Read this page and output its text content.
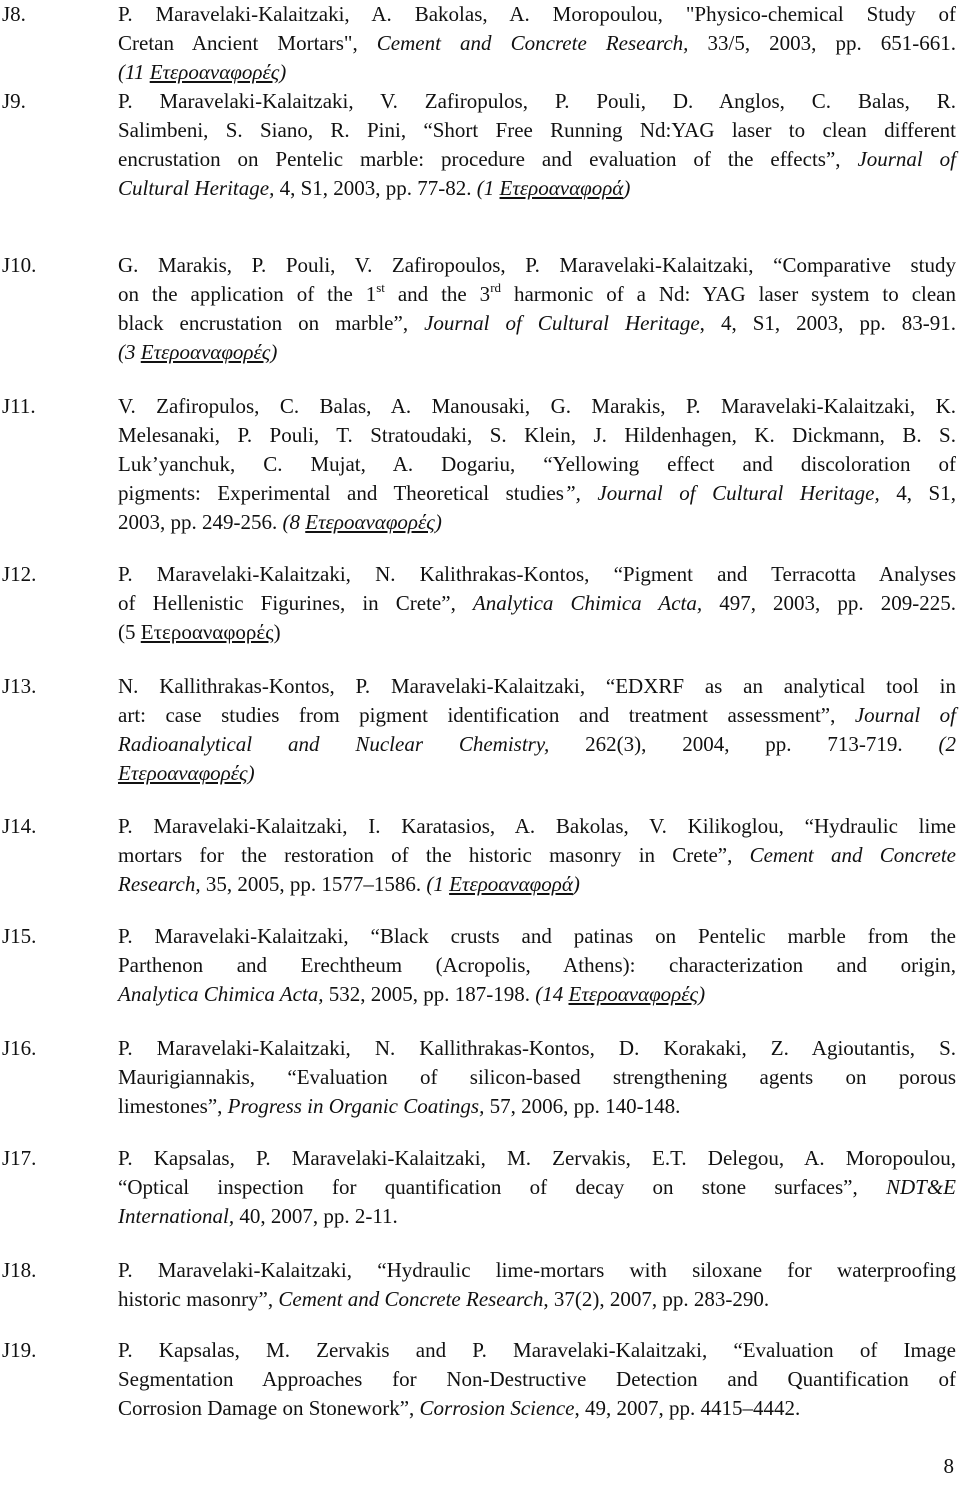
J8.	P. Maravelaki-Kalaitzaki, A. Bakolas, A. Moropoulou, "Physico-chemical Study of
Cretan Ancient Mortars", Cement and Concrete Research, 33/5, 2003, pp. 651-661.
(11 Ετεροαναφορές)
J9.	P. Maravelaki-Kalaitzaki, V. Zafiropulos, P. Pouli, D. Anglos, C. Balas, R.
Salimbeni, S. Siano, R. Pini, “Short Free Running Nd:YAG laser to clean different
encrustation on Pentelic marble: procedure and evaluation of the effects”, Journal of
Cultural Heritage, 4, S1, 2003, pp. 77-82. (1 Ετεροαναφορά)
J10.	G. Marakis, P. Pouli, V. Zafiropoulos, P. Maravelaki-Kalaitzaki, “Comparative study
on the application of the 1st and the 3rd harmonic of a Nd: YAG laser system to clean
black encrustation on marble”, Journal of Cultural Heritage, 4, S1, 2003, pp. 83-91.
(3 Ετεροαναφορές)
J11.	V. Zafiropulos, C. Balas, A. Manousaki, G. Marakis, P. Maravelaki-Kalaitzaki, K.
Melesanaki, P. Pouli, T. Stratoudaki, S. Klein, J. Hildenhagen, K. Dickmann, B. S.
Luk’yanchuk, C. Mujat, A. Dogariu, “Yellowing effect and discoloration of
pigments: Experimental and Theoretical studies”, Journal of Cultural Heritage, 4, S1,
2003, pp. 249-256. (8 Ετεροαναφορές)
J12.	P. Maravelaki-Kalaitzaki, N. Kalithrakas-Kontos, “Pigment and Terracotta Analyses
of Hellenistic Figurines, in Crete”, Analytica Chimica Acta, 497, 2003, pp. 209-225.
(5 Ετεροαναφορές)
J13.	N. Kallithrakas-Kontos, P. Maravelaki-Kalaitzaki, “EDXRF as an analytical tool in
art: case studies from pigment identification and treatment assessment”, Journal of
Radioanalytical and Nuclear Chemistry, 262(3), 2004, pp. 713-719. (2
Ετεροαναφορές)
J14.	P. Maravelaki-Kalaitzaki, I. Karatasios, A. Bakolas, V. Kilikoglou, “Hydraulic lime
mortars for the restoration of the historic masonry in Crete”, Cement and Concrete
Research, 35, 2005, pp. 1577–1586. (1 Ετεροαναφορά)
J15.	P. Maravelaki-Kalaitzaki, “Black crusts and patinas on Pentelic marble from the
Parthenon and Erechtheum (Acropolis, Athens): characterization and origin,
Analytica Chimica Acta, 532, 2005, pp. 187-198. (14 Ετεροαναφορές)
J16.	P. Maravelaki-Kalaitzaki, N. Kallithrakas-Kontos, D. Korakaki, Z. Agioutantis, S.
Maurigiannakis, “Evaluation of silicon-based strengthening agents on porous
limestones”, Progress in Organic Coatings, 57, 2006, pp. 140-148.
J17.	P. Kapsalas, P. Maravelaki-Kalaitzaki, M. Zervakis, E.T. Delegou, A. Moropoulou,
“Optical inspection for quantification of decay on stone surfaces”, NDT&E
International, 40, 2007, pp. 2-11.
J18.	P. Maravelaki-Kalaitzaki, “Hydraulic lime-mortars with siloxane for waterproofing
historic masonry”, Cement and Concrete Research, 37(2), 2007, pp. 283-290.
J19.	P. Kapsalas, M. Zervakis and P. Maravelaki-Kalaitzaki, “Evaluation of Image
Segmentation Approaches for Non-Destructive Detection and Quantification of
Corrosion Damage on Stonework”, Corrosion Science, 49, 2007, pp. 4415–4442.
8
